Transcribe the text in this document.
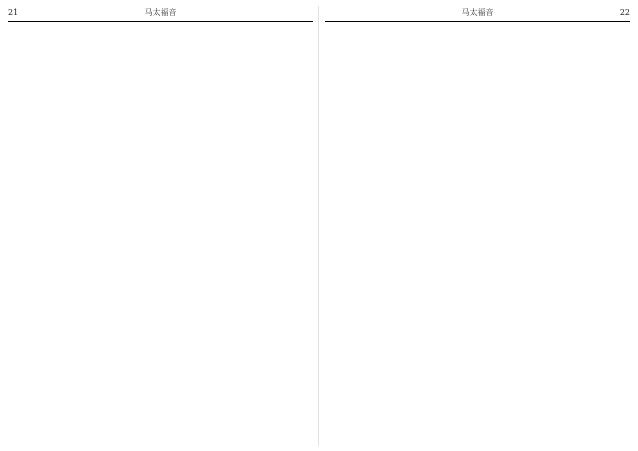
21	马太福音	马太福音	22
